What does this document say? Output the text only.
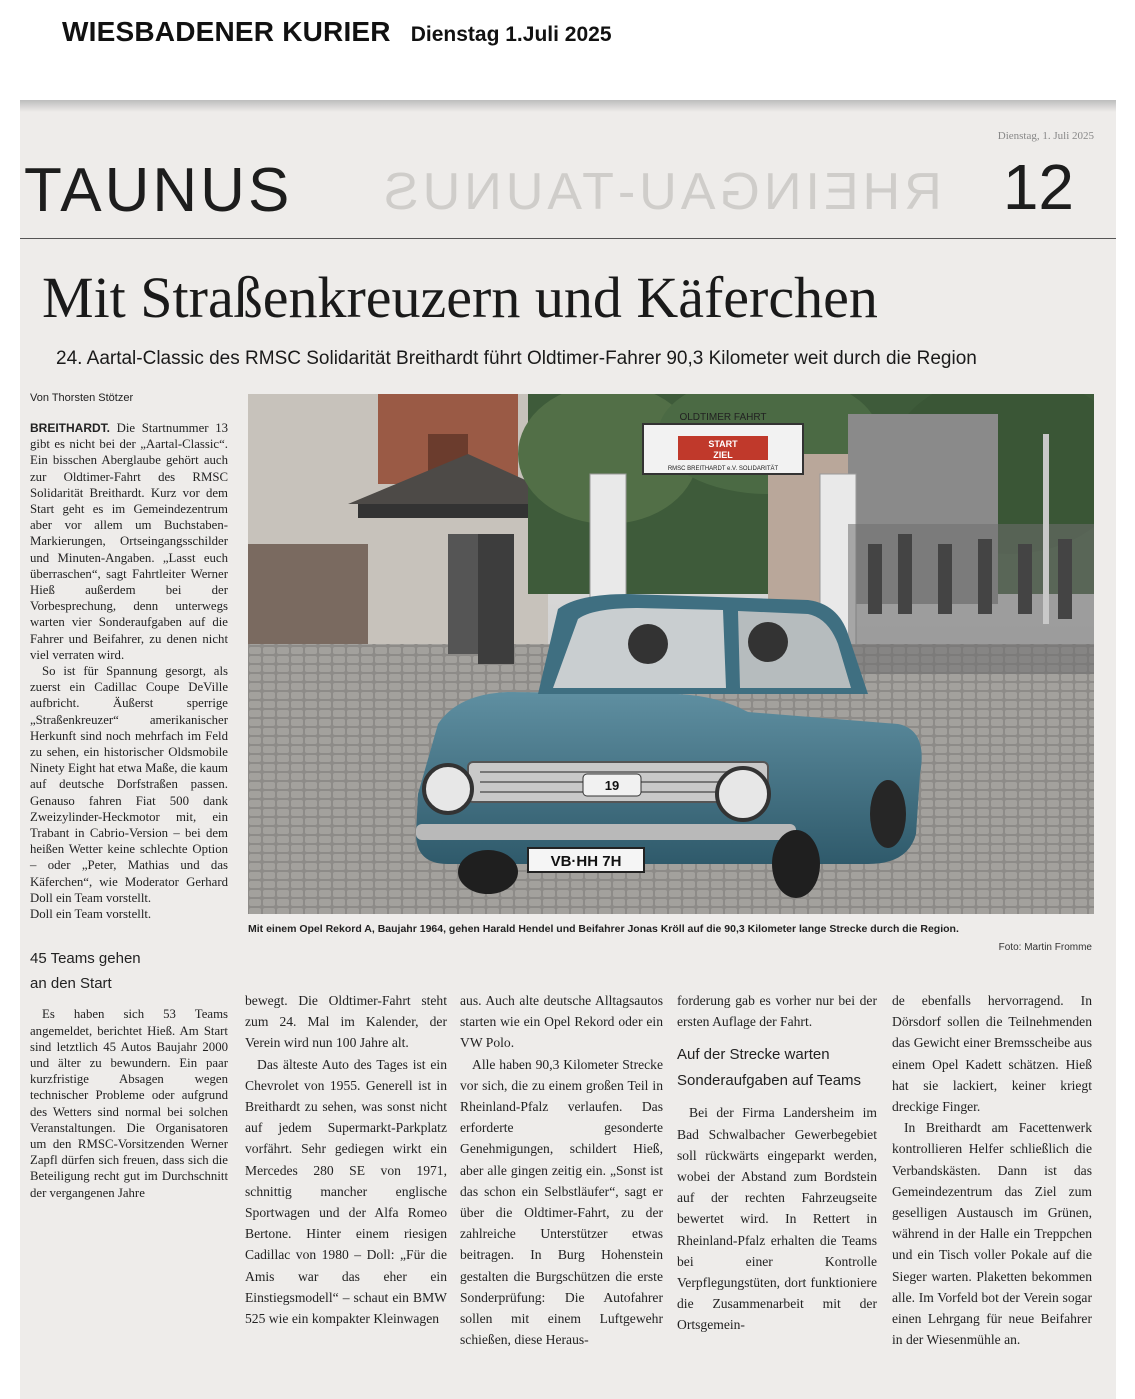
WIESBADENER KURIER Dienstag 1.Juli 2025
Dienstag, 1. Juli 2025
RHEINGAU-TAUNUS
TAUNUS	12
Mit Straßenkreuzern und Käferchen
24. Aartal-Classic des RMSC Solidarität Breithardt führt Oldtimer-Fahrer 90,3 Kilometer weit durch die Region
Von Thorsten Stötzer
OLDTIMER FAHRT
START
ZIEL
RMSC BREITHARDT e.V. SOLIDARITÄT
19
VB·HH 7H
Mit einem Opel Rekord A, Baujahr 1964, gehen Harald Hendel und Beifahrer Jonas Kröll auf die 90,3 Kilometer lange Strecke durch die Region.
Foto: Martin Fromme

BREITHARDT. Die Startnummer 13 gibt es nicht bei der „Aartal-Classic“. Ein bisschen Aberglaube gehört auch zur Oldtimer-Fahrt des RMSC Solidarität Breithardt. Kurz vor dem Start geht es im Gemeindezentrum aber vor allem um Buchstaben-Markierungen, Ortseingangsschilder und Minuten-Angaben. „Lasst euch überraschen“, sagt Fahrtleiter Werner Hieß außerdem bei der Vorbesprechung, denn unterwegs warten vier Sonderaufgaben auf die Fahrer und Beifahrer, zu denen nicht viel verraten wird.

So ist für Spannung gesorgt, als zuerst ein Cadillac Coupe DeVille aufbricht. Äußerst sperrige „Straßenkreuzer“ amerikanischer Herkunft sind noch mehrfach im Feld zu sehen, ein historischer Oldsmobile Ninety Eight hat etwa Maße, die kaum auf deutsche Dorfstraßen passen. Genauso fahren Fiat 500 dank Zweizylinder-Heckmotor mit, ein Trabant in Cabrio-Version – bei dem heißen Wetter keine schlechte Option – oder „Peter, Mathias und das Käferchen“, wie Moderator Gerhard Doll ein Team vorstellt.

Doll ein Team vorstellt.

45 Teams gehen
an den Start

Es haben sich 53 Teams angemeldet, berichtet Hieß. Am Start sind letztlich 45 Autos Baujahr 2000 und älter zu bewundern. Ein paar kurzfristige Absagen wegen technischer Probleme oder aufgrund des Wetters sind normal bei solchen Veranstaltungen. Die Organisatoren um den RMSC-Vorsitzenden Werner Zapfl dürfen sich freuen, dass sich die Beteiligung recht gut im Durchschnitt der vergangenen Jahre

bewegt. Die Oldtimer-Fahrt steht zum 24. Mal im Kalender, der Verein wird nun 100 Jahre alt.

Das älteste Auto des Tages ist ein Chevrolet von 1955. Generell ist in Breithardt zu sehen, was sonst nicht auf jedem Supermarkt-Parkplatz vorfährt. Sehr gediegen wirkt ein Mercedes 280 SE von 1971, schnittig mancher englische Sportwagen und der Alfa Romeo Bertone. Hinter einem riesigen Cadillac von 1980 – Doll: „Für die Amis war das eher ein Einstiegsmodell“ – schaut ein BMW 525 wie ein kompakter Kleinwagen

aus. Auch alte deutsche Alltagsautos starten wie ein Opel Rekord oder ein VW Polo.

Alle haben 90,3 Kilometer Strecke vor sich, die zu einem großen Teil in Rheinland-Pfalz verlaufen. Das erforderte gesonderte Genehmigungen, schildert Hieß, aber alle gingen zeitig ein. „Sonst ist das schon ein Selbstläufer“, sagt er über die Oldtimer-Fahrt, zu der zahlreiche Unterstützer etwas beitragen. In Burg Hohenstein gestalten die Burgschützen die erste Sonderprüfung: Die Autofahrer sollen mit einem Luftgewehr schießen, diese Heraus-

forderung gab es vorher nur bei der ersten Auflage der Fahrt.

Auf der Strecke warten
Sonderaufgaben auf Teams

Bei der Firma Landersheim im Bad Schwalbacher Gewerbegebiet soll rückwärts eingeparkt werden, wobei der Abstand zum Bordstein auf der rechten Fahrzeugseite bewertet wird. In Rettert in Rheinland-Pfalz erhalten die Teams bei einer Kontrolle Verpflegungstüten, dort funktioniere die Zusammenarbeit mit der Ortsgemein-

de ebenfalls hervorragend. In Dörsdorf sollen die Teilnehmenden das Gewicht einer Bremsscheibe aus einem Opel Kadett schätzen. Hieß hat sie lackiert, keiner kriegt dreckige Finger.

In Breithardt am Facettenwerk kontrollieren Helfer schließlich die Verbandskästen. Dann ist das Gemeindezentrum das Ziel zum geselligen Austausch im Grünen, während in der Halle ein Treppchen und ein Tisch voller Pokale auf die Sieger warten. Plaketten bekommen alle. Im Vorfeld bot der Verein sogar einen Lehrgang für neue Beifahrer in der Wiesenmühle an.
